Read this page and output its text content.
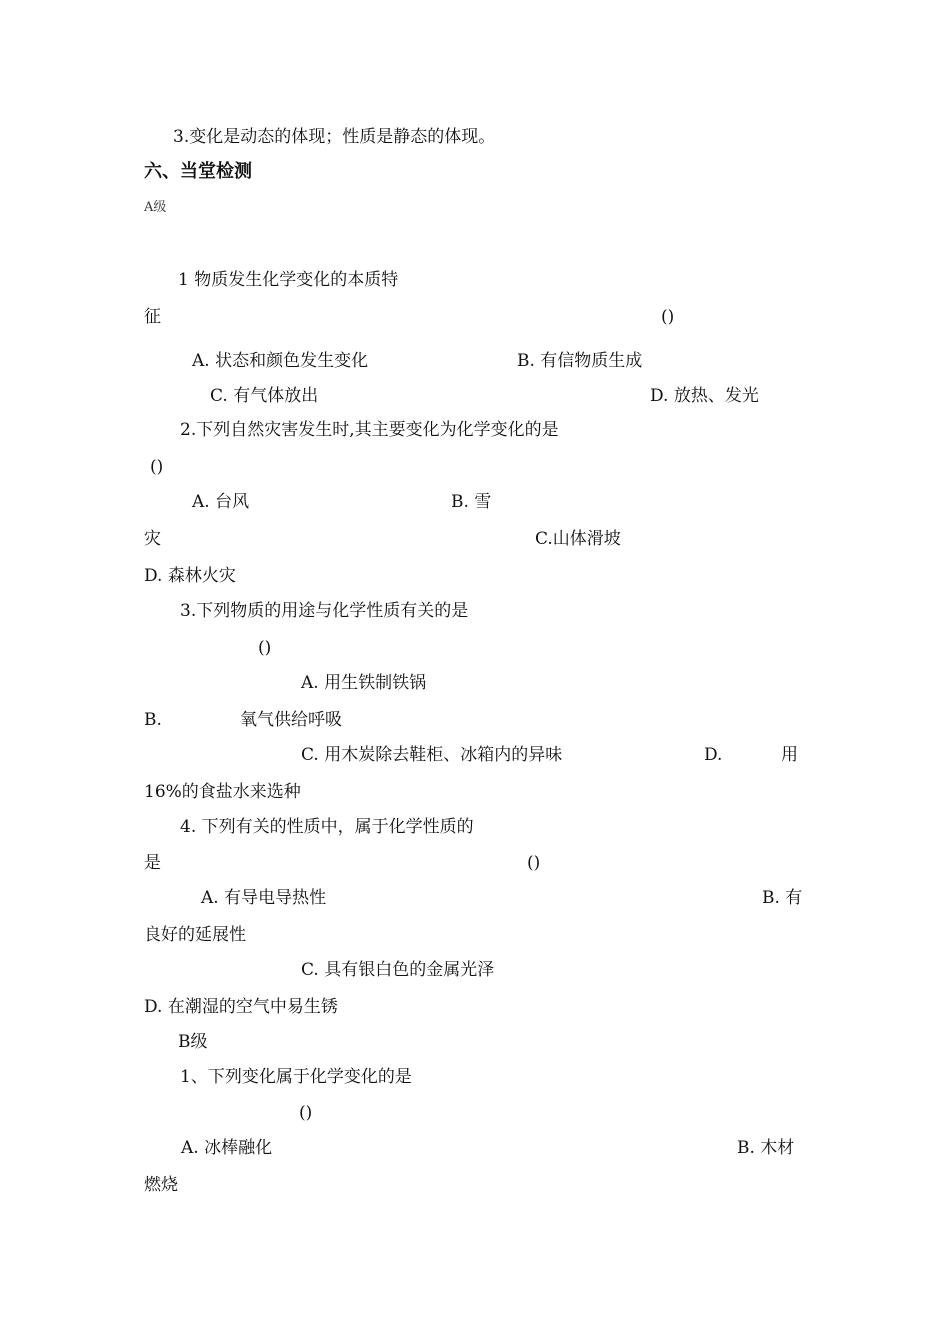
3.变化是动态的体现；性质是静态的体现。
六、当堂检测
A级
1 物质发生化学变化的本质特
征	()
A. 状态和颜色发生变化	B. 有信物质生成
C. 有气体放出	D. 放热、发光
2.下列自然灾害发生时,其主要变化为化学变化的是
()
A. 台风	B. 雪
灾	C.山体滑坡
D. 森林火灾
3.下列物质的用途与化学性质有关的是
()
A. 用生铁制铁锅
B.	氧气供给呼吸
C. 用木炭除去鞋柜、冰箱内的异味	D.	用
16%的食盐水来选种
4. 下列有关的性质中，属于化学性质的
是	()
A. 有导电导热性	B. 有
良好的延展性
C. 具有银白色的金属光泽
D. 在潮湿的空气中易生锈
B级
1、下列变化属于化学变化的是
()
A. 冰棒融化	B. 木材
燃烧
